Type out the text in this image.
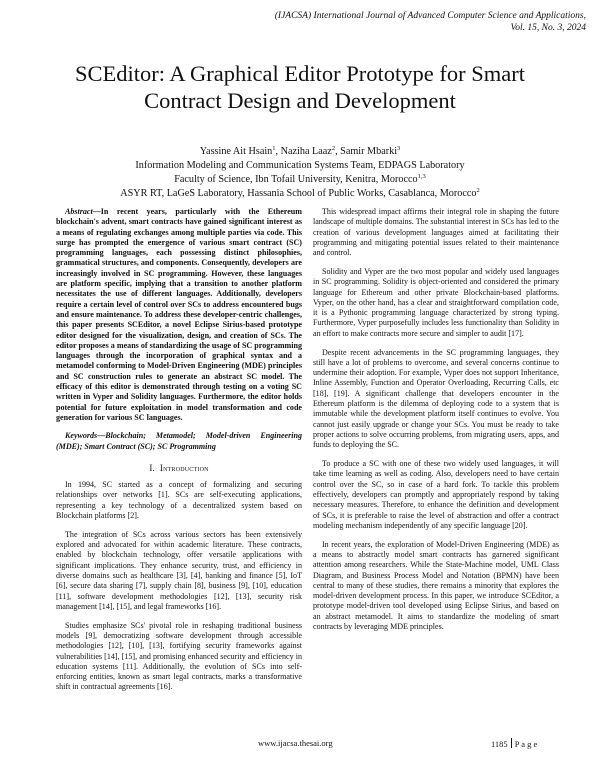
(IJACSA) International Journal of Advanced Computer Science and Applications,
Vol. 15, No. 3, 2024
SCEditor: A Graphical Editor Prototype for Smart
Contract Design and Development
Yassine Ait Hsain$^1$, Naziha Laaz$^2$, Samir Mbarki$^3$
Information Modeling and Communication Systems Team, EDPAGS Laboratory
Faculty of Science, Ibn Tofail University, Kenitra, Morocco$^{1,3}$
ASYR RT, LaGeS Laboratory, Hassania School of Public Works, Casablanca, Morocco$^2$

Abstract—In recent years, particularly with the Ethereum blockchain's advent, smart contracts have gained significant interest as a means of regulating exchanges among multiple parties via code. This surge has prompted the emergence of various smart contract (SC) programming languages, each possessing distinct philosophies, grammatical structures, and components. Consequently, developers are increasingly involved in SC programming. However, these languages are platform specific, implying that a transition to another platform necessitates the use of different languages. Additionally, developers require a certain level of control over SCs to address encountered bugs and ensure maintenance. To address these developer-centric challenges, this paper presents SCEditor, a novel Eclipse Sirius-based prototype editor designed for the visualization, design, and creation of SCs. The editor proposes a means of standardizing the usage of SC programming languages through the incorporation of graphical syntax and a metamodel conforming to Model-Driven Engineering (MDE) principles and SC construction rules to generate an abstract SC model. The efficacy of this editor is demonstrated through testing on a voting SC written in Vyper and Solidity languages. Furthermore, the editor holds potential for future exploitation in model transformation and code generation for various SC languages.

Keywords—Blockchain; Metamodel; Model-driven Engineering (MDE); Smart Contract (SC); SC Programming

I. Introduction

In 1994, SC started as a concept of formalizing and securing relationships over networks [1]. SCs are self-executing applications, representing a key technology of a decentralized system based on Blockchain platforms [2].

The integration of SCs across various sectors has been extensively explored and advocated for within academic literature. These contracts, enabled by blockchain technology, offer versatile applications with significant implications. They enhance security, trust, and efficiency in diverse domains such as healthcare [3], [4], banking and finance [5], IoT [6], secure data sharing [7], supply chain [8], business [9], [10], education [11], software development methodologies [12], [13], security risk management [14], [15], and legal frameworks [16].

Studies emphasize SCs' pivotal role in reshaping traditional business models [9], democratizing software development through accessible methodologies [12], [10], [13], fortifying security frameworks against vulnerabilities [14], [15], and promising enhanced security and efficiency in education systems [11]. Additionally, the evolution of SCs into self-enforcing entities, known as smart legal contracts, marks a transformative shift in contractual agreements [16].

This widespread impact affirms their integral role in shaping the future landscape of multiple domains. The substantial interest in SCs has led to the creation of various development languages aimed at facilitating their programming and mitigating potential issues related to their maintenance and control.

Solidity and Vyper are the two most popular and widely used languages in SC programming. Solidity is object-oriented and considered the primary language for Ethereum and other private Blockchain-based platforms. Vyper, on the other hand, has a clear and straightforward compilation code, it is a Pythonic programming language characterized by strong typing. Furthermore, Vyper purposefully includes less functionality than Solidity in an effort to make contracts more secure and simpler to audit [17].

Despite recent advancements in the SC programming languages, they still have a lot of problems to overcome, and several concerns continue to undermine their adoption. For example, Vyper does not support Inheritance, Inline Assembly, Function and Operator Overloading, Recurring Calls, etc [18], [19]. A significant challenge that developers encounter in the Ethereum platform is the dilemma of deploying code to a system that is immutable while the development platform itself continues to evolve. You cannot just easily upgrade or change your SCs. You must be ready to take proper actions to solve occurring problems, from migrating users, apps, and funds to deploying the SC.

To produce a SC with one of these two widely used languages, it will take time learning as well as coding. Also, developers need to have certain control over the SC, so in case of a hard fork. To tackle this problem effectively, developers can promptly and appropriately respond by taking necessary measures. Therefore, to enhance the definition and development of SCs, it is preferable to raise the level of abstraction and offer a contract modeling mechanism independently of any specific language [20].

In recent years, the exploration of Model-Driven Engineering (MDE) as a means to abstractly model smart contracts has garnered significant attention among researchers. While the State-Machine model, UML Class Diagram, and Business Process Model and Notation (BPMN) have been central to many of these studies, there remains a minority that explores the model-driven development process. In this paper, we introduce SCEditor, a prototype model-driven tool developed using Eclipse Sirius, and based on an abstract metamodel. It aims to standardize the modeling of smart contracts by leveraging MDE principles.

www.ijacsa.thesai.org	1185 P a g e
